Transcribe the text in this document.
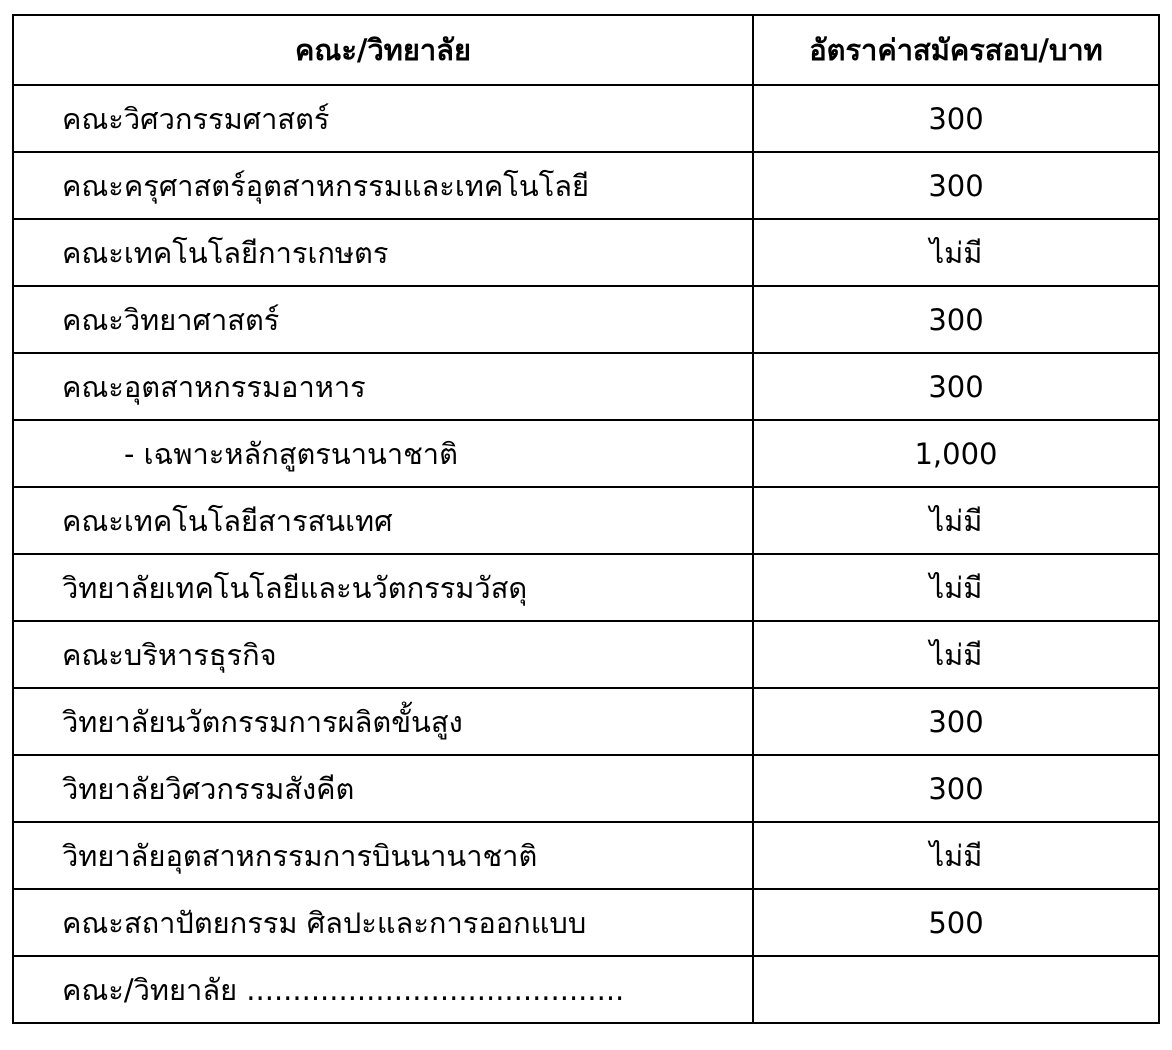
คณะ/วิทยาลัย	อัตราค่าสมัครสอบ/บาท
คณะวิศวกรรมศาสตร์	300
คณะครุศาสตร์อุตสาหกรรมและเทคโนโลยี	300
คณะเทคโนโลยีการเกษตร	ไม่มี
คณะวิทยาศาสตร์	300
คณะอุตสาหกรรมอาหาร	300
- เฉพาะหลักสูตรนานาชาติ	1,000
คณะเทคโนโลยีสารสนเทศ	ไม่มี
วิทยาลัยเทคโนโลยีและนวัตกรรมวัสดุ	ไม่มี
คณะบริหารธุรกิจ	ไม่มี
วิทยาลัยนวัตกรรมการผลิตขั้นสูง	300
วิทยาลัยวิศวกรรมสังคีต	300
วิทยาลัยอุตสาหกรรมการบินนานาชาติ	ไม่มี
คณะสถาปัตยกรรม ศิลปะและการออกแบบ	500
คณะ/วิทยาลัย .........................................	
